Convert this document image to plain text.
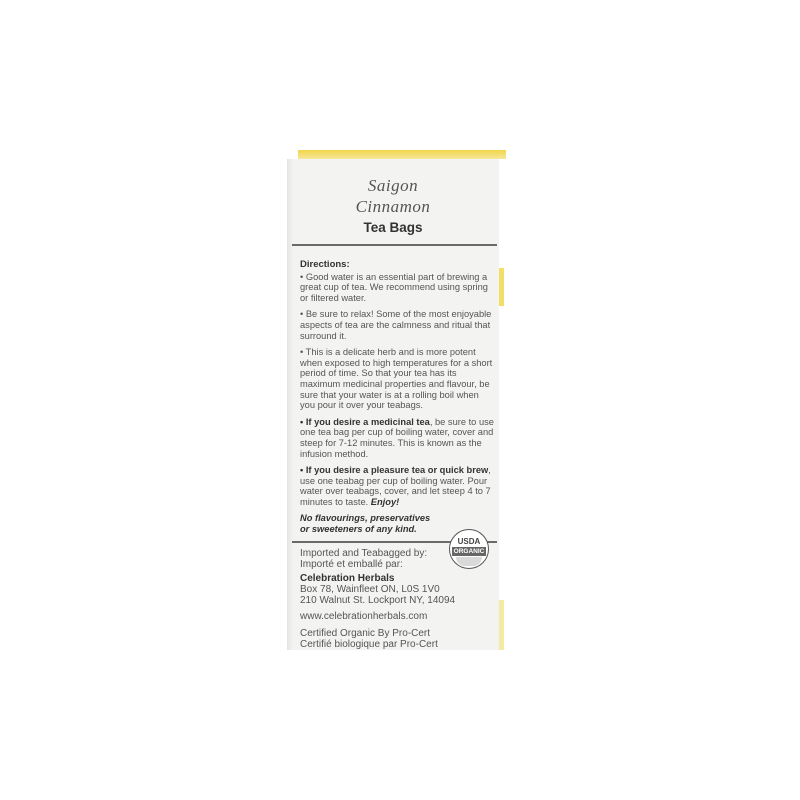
Saigon
Cinnamon
Tea Bags
Directions:
• Good water is an essential part of brewing a great cup of tea. We recommend using spring or filtered water.
• Be sure to relax! Some of the most enjoyable aspects of tea are the calmness and ritual that surround it.
• This is a delicate herb and is more potent when exposed to high temperatures for a short period of time. So that your tea has its maximum medicinal properties and flavour, be sure that your water is at a rolling boil when you pour it over your teabags.
• If you desire a medicinal tea, be sure to use one tea bag per cup of boiling water, cover and steep for 7-12 minutes. This is known as the infusion method.
• If you desire a pleasure tea or quick brew, use one teabag per cup of boiling water. Pour water over teabags, cover, and let steep 4 to 7 minutes to taste. Enjoy!
No flavourings, preservatives
or sweeteners of any kind.
USDA
ORGANIC
Imported and Teabagged by:
Importé et emballé par:
Celebration Herbals
Box 78, Wainfleet ON, L0S 1V0
210 Walnut St. Lockport NY, 14094
www.celebrationherbals.com
Certified Organic By Pro-Cert
Certifié biologique par Pro-Cert
